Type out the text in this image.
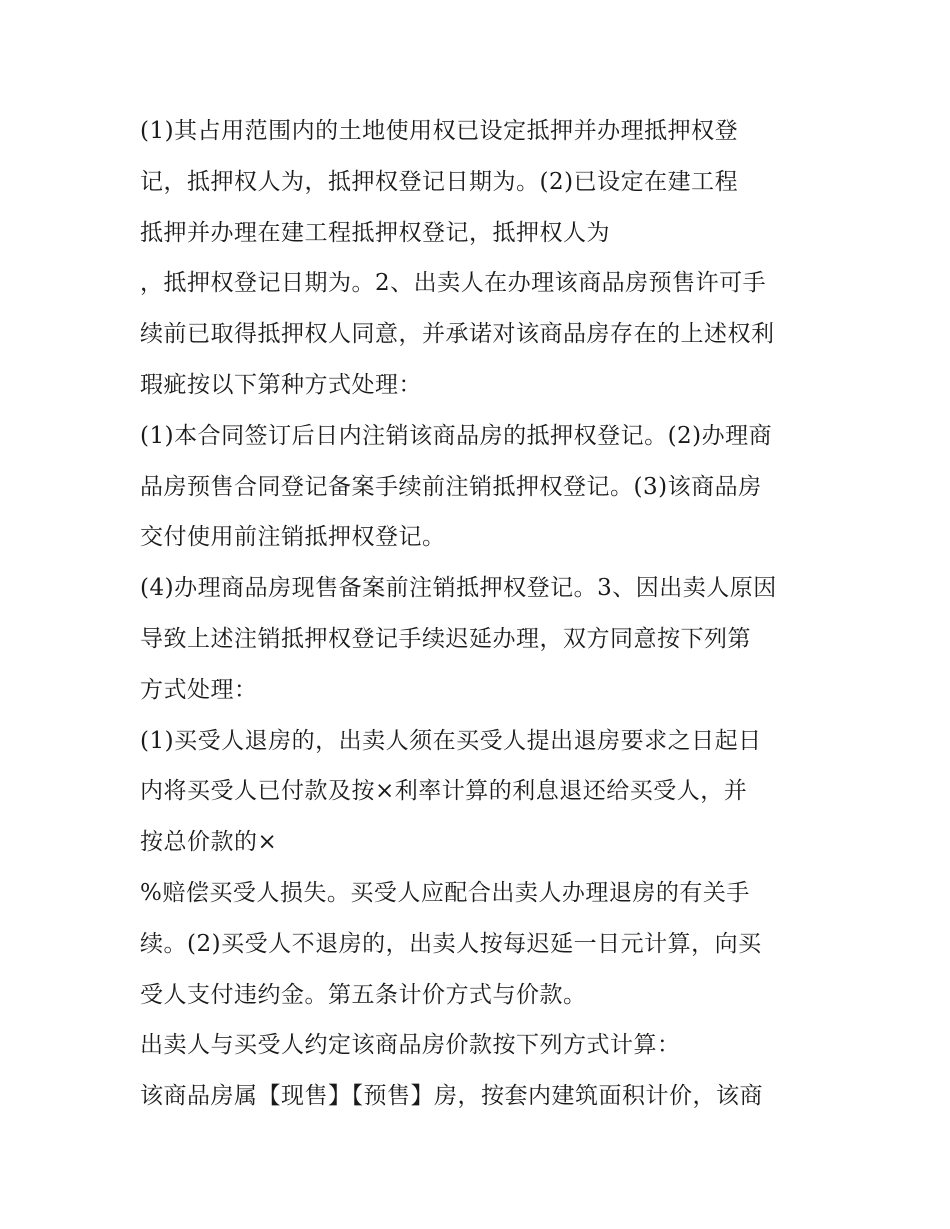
(1)其占用范围内的土地使用权已设定抵押并办理抵押权登
记，抵押权人为，抵押权登记日期为。(2)已设定在建工程
抵押并办理在建工程抵押权登记，抵押权人为
，抵押权登记日期为。2、出卖人在办理该商品房预售许可手
续前已取得抵押权人同意，并承诺对该商品房存在的上述权利
瑕疵按以下第种方式处理：
(1)本合同签订后日内注销该商品房的抵押权登记。(2)办理商
品房预售合同登记备案手续前注销抵押权登记。(3)该商品房
交付使用前注销抵押权登记。
(4)办理商品房现售备案前注销抵押权登记。3、因出卖人原因
导致上述注销抵押权登记手续迟延办理，双方同意按下列第
方式处理：
(1)买受人退房的，出卖人须在买受人提出退房要求之日起日
内将买受人已付款及按×利率计算的利息退还给买受人，并
按总价款的×
%赔偿买受人损失。买受人应配合出卖人办理退房的有关手
续。(2)买受人不退房的，出卖人按每迟延一日元计算，向买
受人支付违约金。第五条计价方式与价款。
出卖人与买受人约定该商品房价款按下列方式计算：
该商品房属【现售】【预售】房，按套内建筑面积计价，该商
